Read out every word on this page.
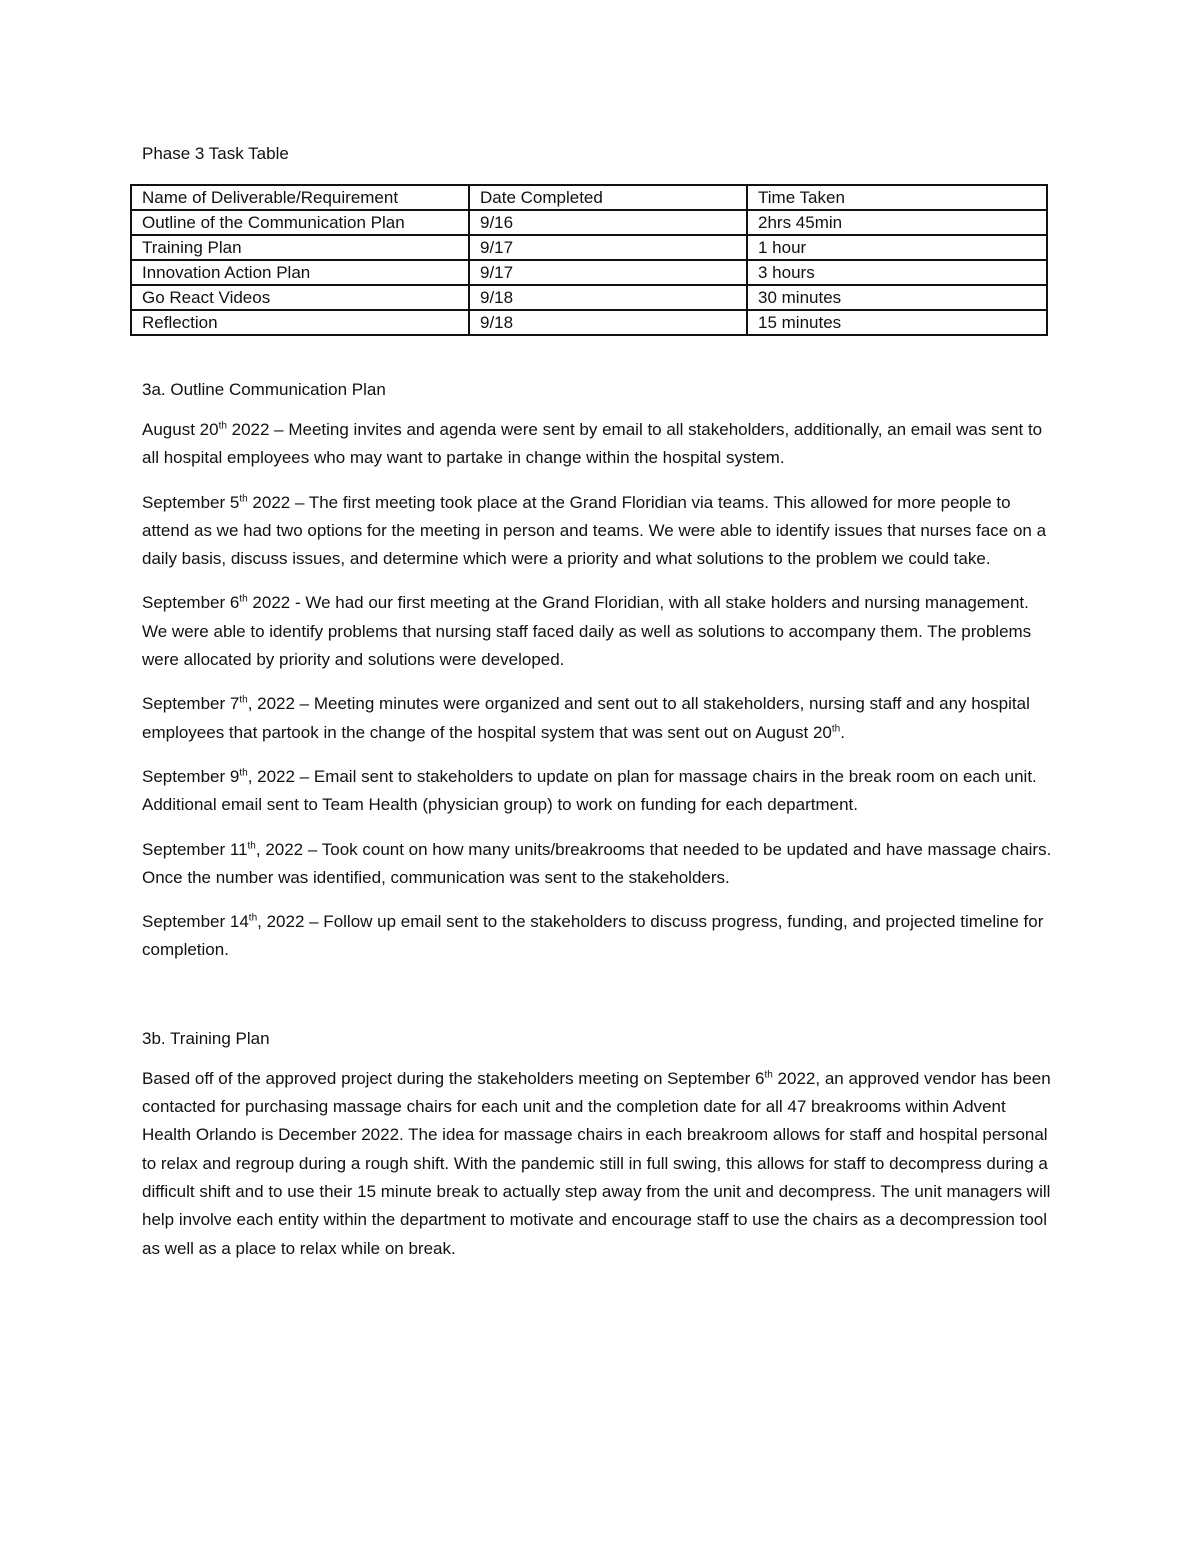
Phase 3 Task Table
Name of Deliverable/Requirement	Date Completed	Time Taken
Outline of the Communication Plan	9/16	2hrs 45min
Training Plan	9/17	1 hour
Innovation Action Plan	9/17	3 hours
Go React Videos	9/18	30 minutes
Reflection	9/18	15 minutes
3a. Outline Communication Plan

August 20th 2022 – Meeting invites and agenda were sent by email to all stakeholders, additionally, an email was sent to all hospital employees who may want to partake in change within the hospital system.

September 5th 2022 – The first meeting took place at the Grand Floridian via teams. This allowed for more people to attend as we had two options for the meeting in person and teams. We were able to identify issues that nurses face on a daily basis, discuss issues, and determine which were a priority and what solutions to the problem we could take.

September 6th 2022 - We had our first meeting at the Grand Floridian, with all stake holders and nursing management. We were able to identify problems that nursing staff faced daily as well as solutions to accompany them. The problems were allocated by priority and solutions were developed.

September 7th, 2022 – Meeting minutes were organized and sent out to all stakeholders, nursing staff and any hospital employees that partook in the change of the hospital system that was sent out on August 20th.

September 9th, 2022 – Email sent to stakeholders to update on plan for massage chairs in the break room on each unit. Additional email sent to Team Health (physician group) to work on funding for each department.

September 11th, 2022 – Took count on how many units/breakrooms that needed to be updated and have massage chairs. Once the number was identified, communication was sent to the stakeholders.

September 14th, 2022 – Follow up email sent to the stakeholders to discuss progress, funding, and projected timeline for completion.

3b. Training Plan

Based off of the approved project during the stakeholders meeting on September 6th 2022, an approved vendor has been contacted for purchasing massage chairs for each unit and the completion date for all 47 breakrooms within Advent Health Orlando is December 2022. The idea for massage chairs in each breakroom allows for staff and hospital personal to relax and regroup during a rough shift. With the pandemic still in full swing, this allows for staff to decompress during a difficult shift and to use their 15 minute break to actually step away from the unit and decompress. The unit managers will help involve each entity within the department to motivate and encourage staff to use the chairs as a decompression tool as well as a place to relax while on break.
